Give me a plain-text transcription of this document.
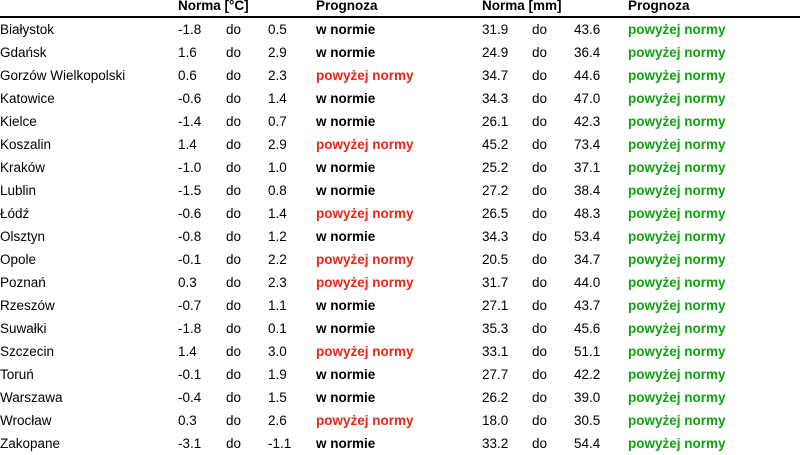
	Norma [°C]			Prognoza	Norma [mm]			Prognoza

Białystok	-1.8	do	0.5	w normie	31.9	do	43.6	powyżej normy
Gdańsk	1.6	do	2.9	w normie	24.9	do	36.4	powyżej normy
Gorzów Wielkopolski	0.6	do	2.3	powyżej normy	34.7	do	44.6	powyżej normy
Katowice	-0.6	do	1.4	w normie	34.3	do	47.0	powyżej normy
Kielce	-1.4	do	0.7	w normie	26.1	do	42.3	powyżej normy
Koszalin	1.4	do	2.9	powyżej normy	45.2	do	73.4	powyżej normy
Kraków	-1.0	do	1.0	w normie	25.2	do	37.1	powyżej normy
Lublin	-1.5	do	0.8	w normie	27.2	do	38.4	powyżej normy
Łódź	-0.6	do	1.4	powyżej normy	26.5	do	48.3	powyżej normy
Olsztyn	-0.8	do	1.2	w normie	34.3	do	53.4	powyżej normy
Opole	-0.1	do	2.2	powyżej normy	20.5	do	34.7	powyżej normy
Poznań	0.3	do	2.3	powyżej normy	31.7	do	44.0	powyżej normy
Rzeszów	-0.7	do	1.1	w normie	27.1	do	43.7	powyżej normy
Suwałki	-1.8	do	0.1	w normie	35.3	do	45.6	powyżej normy
Szczecin	1.4	do	3.0	powyżej normy	33.1	do	51.1	powyżej normy
Toruń	-0.1	do	1.9	w normie	27.7	do	42.2	powyżej normy
Warszawa	-0.4	do	1.5	w normie	26.2	do	39.0	powyżej normy
Wrocław	0.3	do	2.6	powyżej normy	18.0	do	30.5	powyżej normy
Zakopane	-3.1	do	-1.1	w normie	33.2	do	54.4	powyżej normy
